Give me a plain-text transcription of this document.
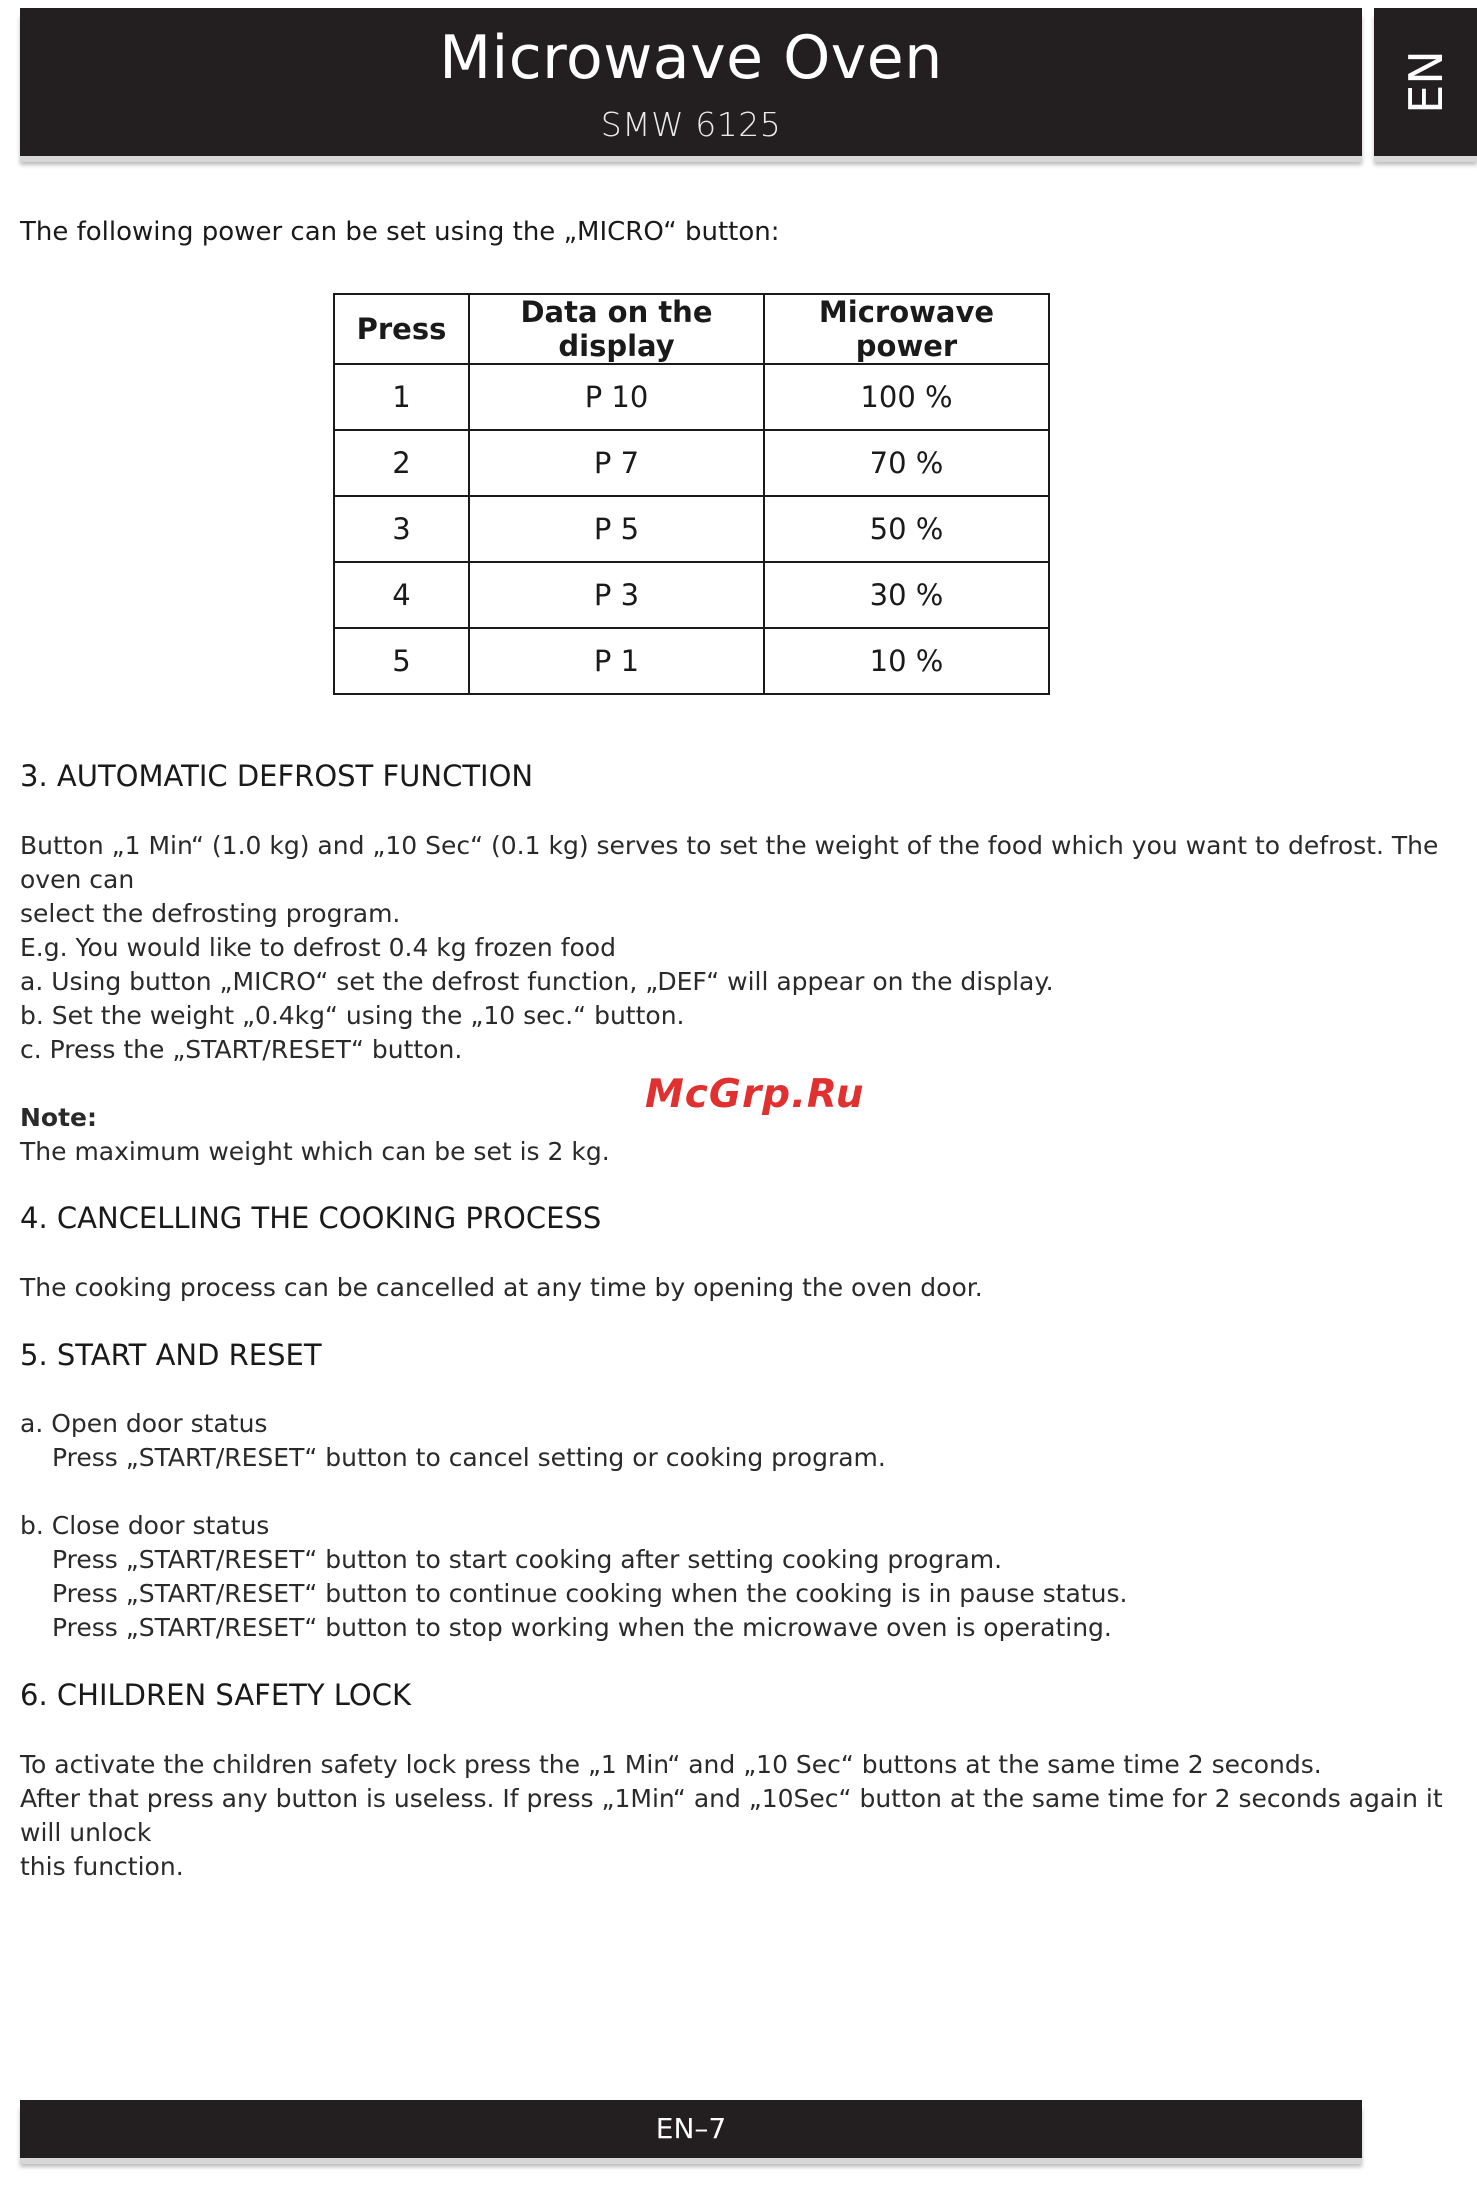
Microwave Oven
SMW 6125
EN
The following power can be set using the „MICRO“ button:
Press	Data on the display	Microwave power
1	P 10	100 %
2	P 7	70 %
3	P 5	50 %
4	P 3	30 %
5	P 1	10 %
3. AUTOMATIC DEFROST FUNCTION
Button „1 Min“ (1.0 kg) and „10 Sec“ (0.1 kg) serves to set the weight of the food which you want to defrost. The oven can
select the defrosting program.
E.g. You would like to defrost 0.4 kg frozen food
a. Using button „MICRO“ set the defrost function, „DEF“ will appear on the display.
b. Set the weight „0.4kg“ using the „10 sec.“ button.
c. Press the „START/RESET“ button.
McGrp.Ru
Note:
The maximum weight which can be set is 2 kg.
4. CANCELLING THE COOKING PROCESS
The cooking process can be cancelled at any time by opening the oven door.
5. START AND RESET
a. Open door status
Press „START/RESET“ button to cancel setting or cooking program.
b. Close door status
Press „START/RESET“ button to start cooking after setting cooking program.
Press „START/RESET“ button to continue cooking when the cooking is in pause status.
Press „START/RESET“ button to stop working when the microwave oven is operating.
6. CHILDREN SAFETY LOCK
To activate the children safety lock press the „1 Min“ and „10 Sec“ buttons at the same time 2 seconds.
After that press any button is useless. If press „1Min“ and „10Sec“ button at the same time for 2 seconds again it will unlock
this function.
EN–7
